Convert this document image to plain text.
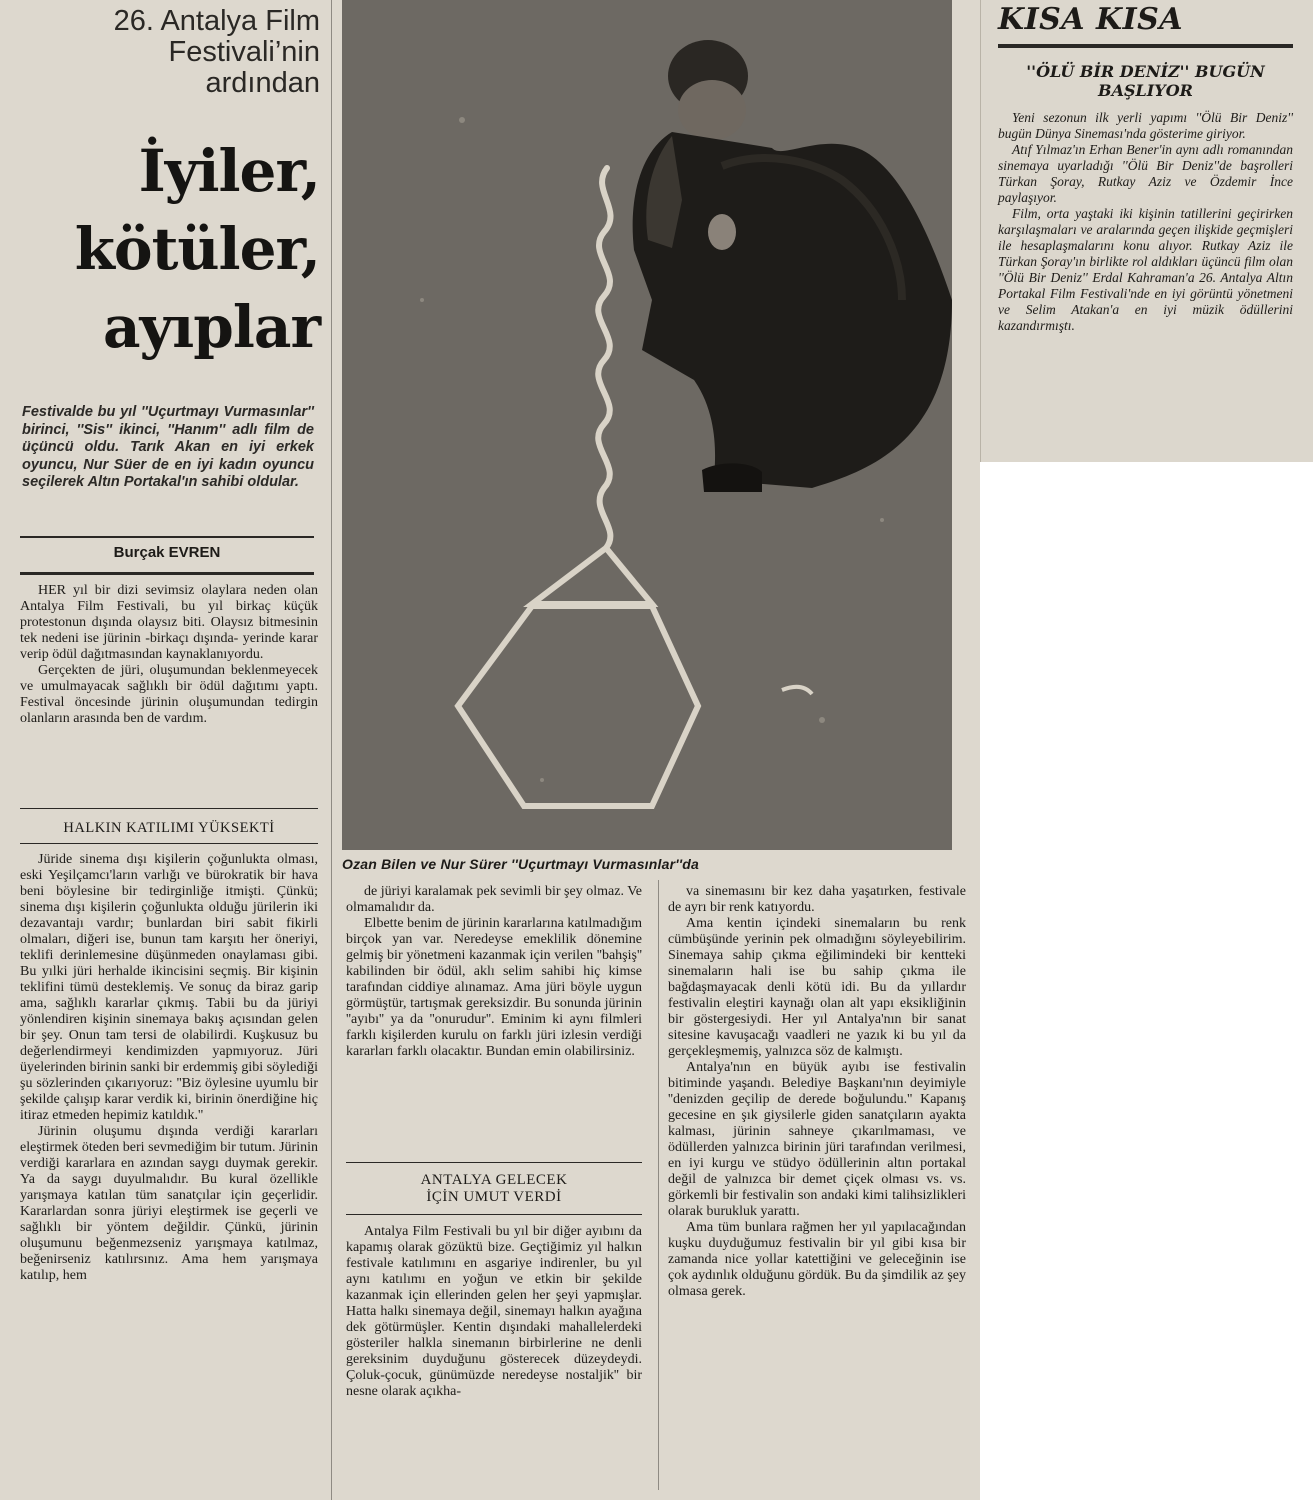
26. Antalya Film
Festivali’nin
ardından
İyiler,
kötüler,
ayıplar
Festivalde bu yıl ''Uçurtmayı Vurmasınlar'' birinci, ''Sis'' ikinci, ''Hanım'' adlı film de üçüncü oldu. Tarık Akan en iyi erkek oyuncu, Nur Süer de en iyi kadın oyuncu seçilerek Altın Portakal'ın sahibi oldular.
Burçak EVREN

HER yıl bir dizi sevimsiz olaylara neden olan Antalya Film Festivali, bu yıl birkaç küçük protestonun dışında olaysız biti. Olaysız bitmesinin tek nedeni ise jürinin ‑birkaçı dışında‑ yerinde karar verip ödül dağıtmasından kaynaklanıyordu.

Gerçekten de jüri, oluşumundan beklenmeyecek ve umulmayacak sağlıklı bir ödül dağıtımı yaptı. Festival öncesinde jürinin oluşumundan tedirgin olanların arasında ben de vardım.

HALKIN KATILIMI YÜKSEKTİ

Jüride sinema dışı kişilerin çoğunlukta olması, eski Yeşilçamcı'ların varlığı ve bürokratik bir hava beni böylesine bir tedirginliğe itmişti. Çünkü; sinema dışı kişilerin çoğunlukta olduğu jürilerin iki dezavantajı vardır; bunlardan biri sabit fikirli olmaları, diğeri ise, bunun tam karşıtı her öneriyi, teklifi derinlemesine düşünmeden onaylaması gibi. Bu yılki jüri herhalde ikincisini seçmiş. Bir kişinin teklifini tümü desteklemiş. Ve sonuç da biraz garip ama, sağlıklı kararlar çıkmış. Tabii bu da jüriyi yönlendiren kişinin sinemaya bakış açısından gelen bir şey. Onun tam tersi de olabilirdi. Kuşkusuz bu değerlendirmeyi kendimizden yapmıyoruz. Jüri üyelerinden birinin sanki bir erdemmiş gibi söylediği şu sözlerinden çıkarıyoruz: ''Biz öylesine uyumlu bir şekilde çalışıp karar verdik ki, birinin önerdiğine hiç itiraz etmeden hepimiz katıldık.''

Jürinin oluşumu dışında verdiği kararları eleştirmek öteden beri sevmediğim bir tutum. Jürinin verdiği kararlara en azından saygı duymak gerekir. Ya da saygı duyulmalıdır. Bu kural özellikle yarışmaya katılan tüm sanatçılar için geçerlidir. Kararlardan sonra jüriyi eleştirmek ise geçerli ve sağlıklı bir yöntem değildir. Çünkü, jürinin oluşumunu beğenmezseniz yarışmaya katılmaz, beğenirseniz katılırsınız. Ama hem yarışmaya katılıp, hem

Ozan Bilen ve Nur Sürer ''Uçurtmayı Vurmasınlar''da

de jüriyi karalamak pek sevimli bir şey olmaz. Ve olmamalıdır da.

Elbette benim de jürinin kararlarına katılmadığım birçok yan var. Neredeyse emeklilik dönemine gelmiş bir yönetmeni kazanmak için verilen ''bahşiş'' kabilinden bir ödül, aklı selim sahibi hiç kimse tarafından ciddiye alınamaz. Ama jüri böyle uygun görmüştür, tartışmak gereksizdir. Bu sonunda jürinin ''ayıbı'' ya da ''onurudur''. Eminim ki aynı filmleri farklı kişilerden kurulu on farklı jüri izlesin verdiği kararları farklı olacaktır. Bundan emin olabilirsiniz.

ANTALYA GELECEK
İÇİN UMUT VERDİ

Antalya Film Festivali bu yıl bir diğer ayıbını da kapamış olarak gözüktü bize. Geçtiğimiz yıl halkın festivale katılımını en asgariye indirenler, bu yıl aynı katılımı en yoğun ve etkin bir şekilde kazanmak için ellerinden gelen her şeyi yapmışlar. Hatta halkı sinemaya değil, sinemayı halkın ayağına dek götürmüşler. Kentin dışındaki mahallelerdeki gösteriler halkla sinemanın birbirlerine ne denli gereksinim duyduğunu gösterecek düzeydeydi. Çoluk-çocuk, günümüzde neredeyse nostaljik'' bir nesne olarak açıkha-

va sinemasını bir kez daha yaşatırken, festivale de ayrı bir renk katıyordu.

Ama kentin içindeki sinemaların bu renk cümbüşünde yerinin pek olmadığını söyleyebilirim. Sinemaya sahip çıkma eğilimindeki bir kentteki sinemaların hali ise bu sahip çıkma ile bağdaşmayacak denli kötü idi. Bu da yıllardır festivalin eleştiri kaynağı olan alt yapı eksikliğinin bir göstergesiydi. Her yıl Antalya'nın bir sanat sitesine kavuşacağı vaadleri ne yazık ki bu yıl da gerçekleşmemiş, yalnızca söz de kalmıştı.

Antalya'nın en büyük ayıbı ise festivalin bitiminde yaşandı. Belediye Başkanı'nın deyimiyle ''denizden geçilip de derede boğulundu.'' Kapanış gecesine en şık giysilerle giden sanatçıların ayakta kalması, jürinin sahneye çıkarılmaması, ve ödüllerden yalnızca birinin jüri tarafından verilmesi, en iyi kurgu ve stüdyo ödüllerinin altın portakal değil de yalnızca bir demet çiçek olması vs. vs. görkemli bir festivalin son andaki kimi talihsizlikleri olarak burukluk yarattı.

Ama tüm bunlara rağmen her yıl yapılacağından kuşku duyduğumuz festivalin bir yıl gibi kısa bir zamanda nice yollar katettiğini ve geleceğinin ise çok aydınlık olduğunu gördük. Bu da şimdilik az şey olmasa gerek.

KISA KISA
''ÖLÜ BİR DENİZ'' BUGÜN
BAŞLIYOR

Yeni sezonun ilk yerli yapımı ''Ölü Bir Deniz'' bugün Dünya Sineması'nda gösterime giriyor.

Atıf Yılmaz'ın Erhan Bener'in aynı adlı romanından sinemaya uyarladığı ''Ölü Bir Deniz''de başrolleri Türkan Şoray, Rutkay Aziz ve Özdemir İnce paylaşıyor.

Film, orta yaştaki iki kişinin tatillerini geçirirken karşılaşmaları ve aralarında geçen ilişkide geçmişleri ile hesaplaşmalarını konu alıyor. Rutkay Aziz ile Türkan Şoray'ın birlikte rol aldıkları üçüncü film olan ''Ölü Bir Deniz'' Erdal Kahraman'a 26. Antalya Altın Portakal Film Festivali'nde en iyi görüntü yönetmeni ve Selim Atakan'a en iyi müzik ödüllerini kazandırmıştı.
